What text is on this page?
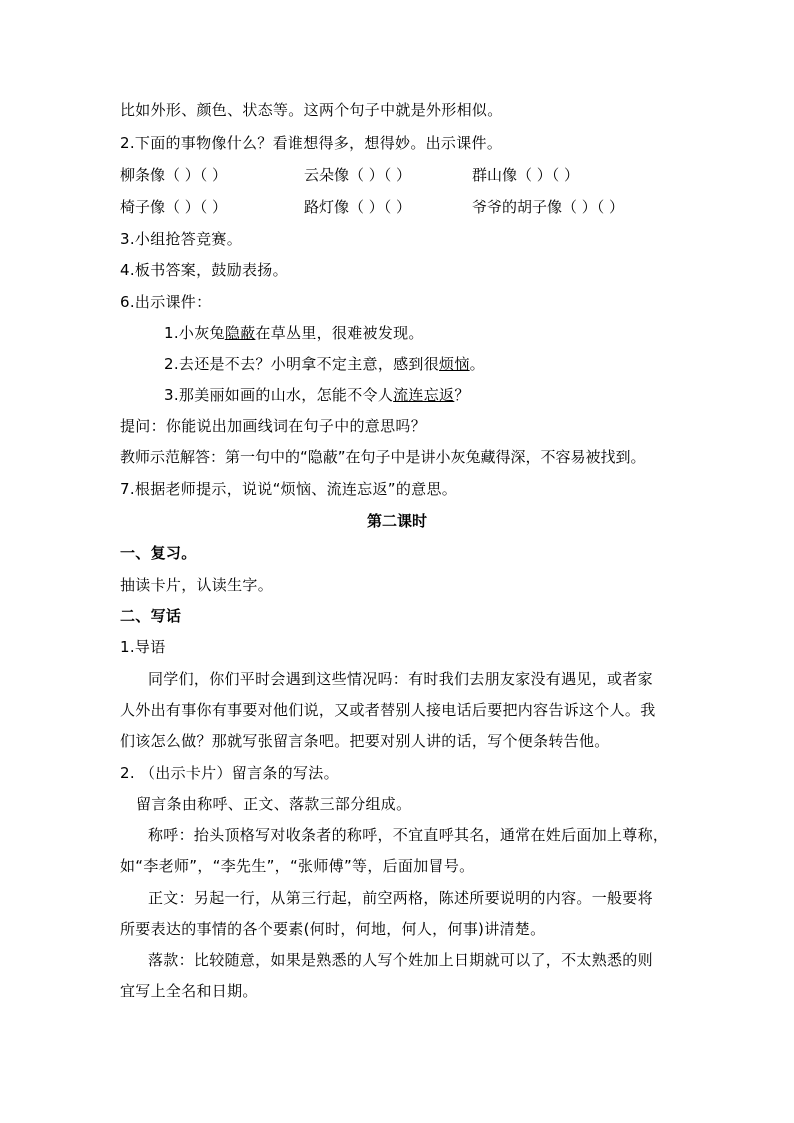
比如外形、颜色、状态等。这两个句子中就是外形相似。
2.下面的事物像什么？看谁想得多，想得妙。出示课件。
柳条像（ ）（ ）	云朵像（ ）（ ）	群山像（ ）（ ）
椅子像（ ）（ ）	路灯像（ ）（ ）	爷爷的胡子像（ ）（ ）
3.小组抢答竞赛。
4.板书答案，鼓励表扬。
6.出示课件：
1.小灰兔隐蔽在草丛里，很难被发现。
2.去还是不去？小明拿不定主意，感到很烦恼。
3.那美丽如画的山水，怎能不令人流连忘返？
提问：你能说出加画线词在句子中的意思吗？
教师示范解答：第一句中的“隐蔽”在句子中是讲小灰兔藏得深，不容易被找到。
7.根据老师提示，说说“烦恼、流连忘返”的意思。
第二课时
一、复习。
抽读卡片，认读生字。
二、写话
1.导语
同学们，你们平时会遇到这些情况吗：有时我们去朋友家没有遇见，或者家
人外出有事你有事要对他们说，又或者替别人接电话后要把内容告诉这个人。我
们该怎么做？那就写张留言条吧。把要对别人讲的话，写个便条转告他。
2. （出示卡片）留言条的写法。
留言条由称呼、正文、落款三部分组成。
称呼：抬头顶格写对收条者的称呼，不宜直呼其名，通常在姓后面加上尊称，
如“李老师”，“李先生”，“张师傅”等，后面加冒号。
正文：另起一行，从第三行起，前空两格，陈述所要说明的内容。一般要将
所要表达的事情的各个要素(何时，何地，何人，何事)讲清楚。
落款：比较随意，如果是熟悉的人写个姓加上日期就可以了，不太熟悉的则
宜写上全名和日期。
